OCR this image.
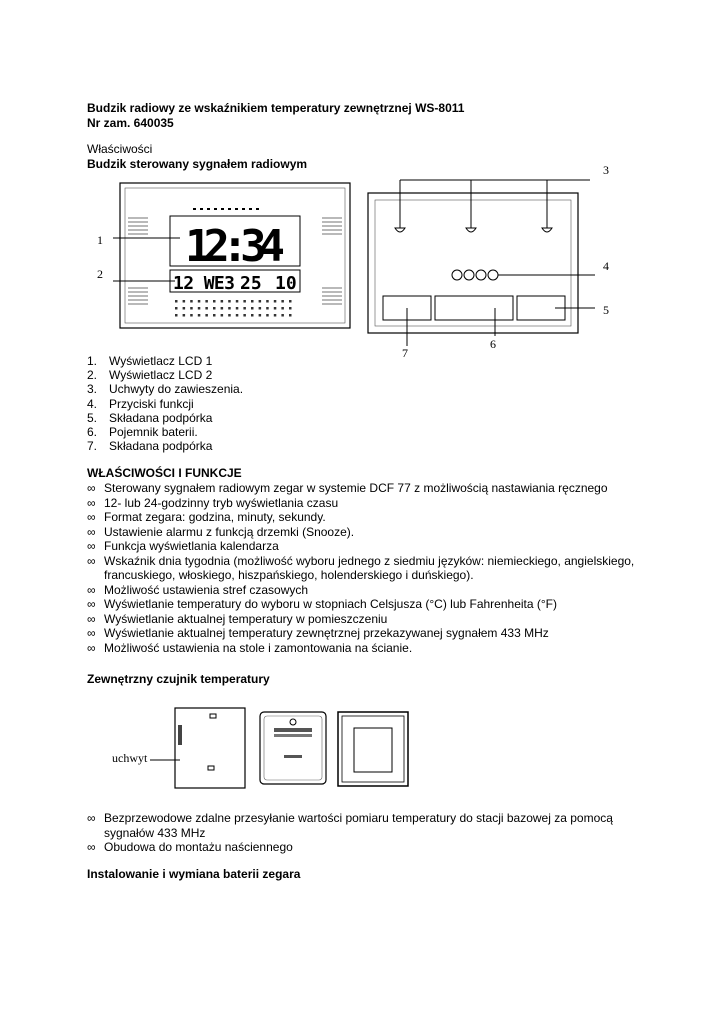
Budzik radiowy ze wskaźnikiem temperatury zewnętrznej WS-8011
Nr zam. 640035
Właściwości
Budzik sterowany sygnałem radiowym
12:34
12 WE3 25 10
1
2
3
4
5
6
7
1. Wyświetlacz LCD 1
2. Wyświetlacz LCD 2
3. Uchwyty do zawieszenia.
4. Przyciski funkcji
5. Składana podpórka
6. Pojemnik baterii.
7. Składana podpórka
WŁAŚCIWOŚCI I FUNKCJE
∞ Sterowany sygnałem radiowym zegar w systemie DCF 77 z możliwością nastawiania ręcznego
∞ 12- lub 24-godzinny tryb wyświetlania czasu
∞ Format zegara: godzina, minuty, sekundy.
∞ Ustawienie alarmu z funkcją drzemki (Snooze).
∞ Funkcja wyświetlania kalendarza
∞ Wskaźnik dnia tygodnia (możliwość wyboru jednego z siedmiu języków: niemieckiego, angielskiego, francuskiego, włoskiego, hiszpańskiego, holenderskiego i duńskiego).
∞ Możliwość ustawienia stref czasowych
∞ Wyświetlanie temperatury do wyboru w stopniach Celsjusza (°C) lub Fahrenheita (°F)
∞ Wyświetlanie aktualnej temperatury w pomieszczeniu
∞ Wyświetlanie aktualnej temperatury zewnętrznej przekazywanej sygnałem 433 MHz
∞ Możliwość ustawienia na stole i zamontowania na ścianie.
Zewnętrzny czujnik temperatury
uchwyt
∞ Bezprzewodowe zdalne przesyłanie wartości pomiaru temperatury do stacji bazowej za pomocą sygnałów 433 MHz
∞ Obudowa do montażu naściennego
Instalowanie i wymiana baterii zegara
